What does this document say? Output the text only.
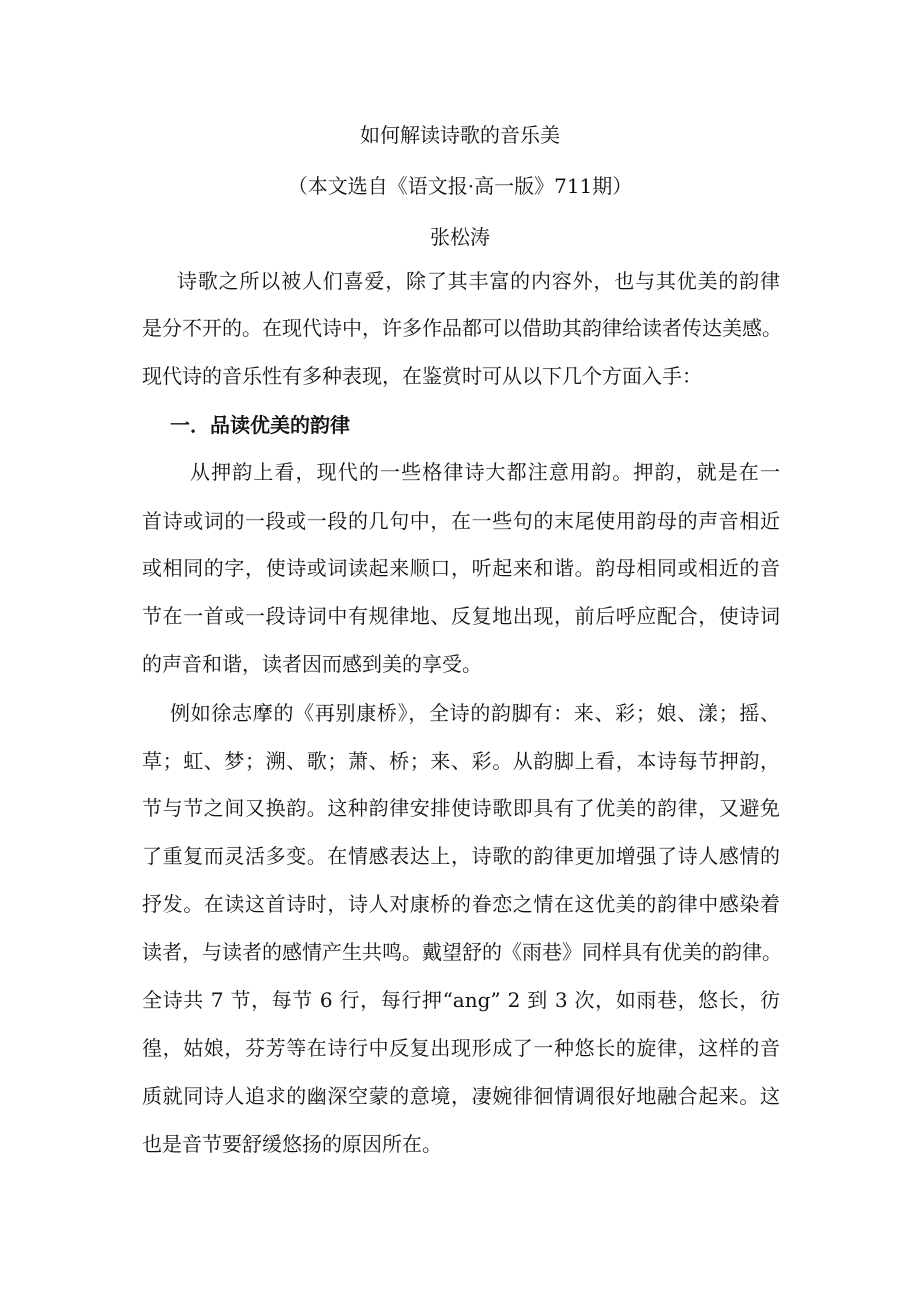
如何解读诗歌的音乐美
（本文选自《语文报·高一版》711期）
张松涛
诗歌之所以被人们喜爱，除了其丰富的内容外，也与其优美的韵律
是分不开的。在现代诗中，许多作品都可以借助其韵律给读者传达美感。
现代诗的音乐性有多种表现，在鉴赏时可从以下几个方面入手：
一．品读优美的韵律
从押韵上看，现代的一些格律诗大都注意用韵。押韵，就是在一
首诗或词的一段或一段的几句中，在一些句的末尾使用韵母的声音相近
或相同的字，使诗或词读起来顺口，听起来和谐。韵母相同或相近的音
节在一首或一段诗词中有规律地、反复地出现，前后呼应配合，使诗词
的声音和谐，读者因而感到美的享受。
例如徐志摩的《再别康桥》，全诗的韵脚有：来、彩；娘、漾；摇、
草；虹、梦；溯、歌；萧、桥；来、彩。从韵脚上看，本诗每节押韵，
节与节之间又换韵。这种韵律安排使诗歌即具有了优美的韵律，又避免
了重复而灵活多变。在情感表达上，诗歌的韵律更加增强了诗人感情的
抒发。在读这首诗时，诗人对康桥的眷恋之情在这优美的韵律中感染着
读者，与读者的感情产生共鸣。戴望舒的《雨巷》同样具有优美的韵律。
全诗共 7 节，每节 6 行，每行押“ang” 2 到 3 次，如雨巷，悠长，彷
徨，姑娘，芬芳等在诗行中反复出现形成了一种悠长的旋律，这样的音
质就同诗人追求的幽深空蒙的意境，凄婉徘徊情调很好地融合起来。这
也是音节要舒缓悠扬的原因所在。
